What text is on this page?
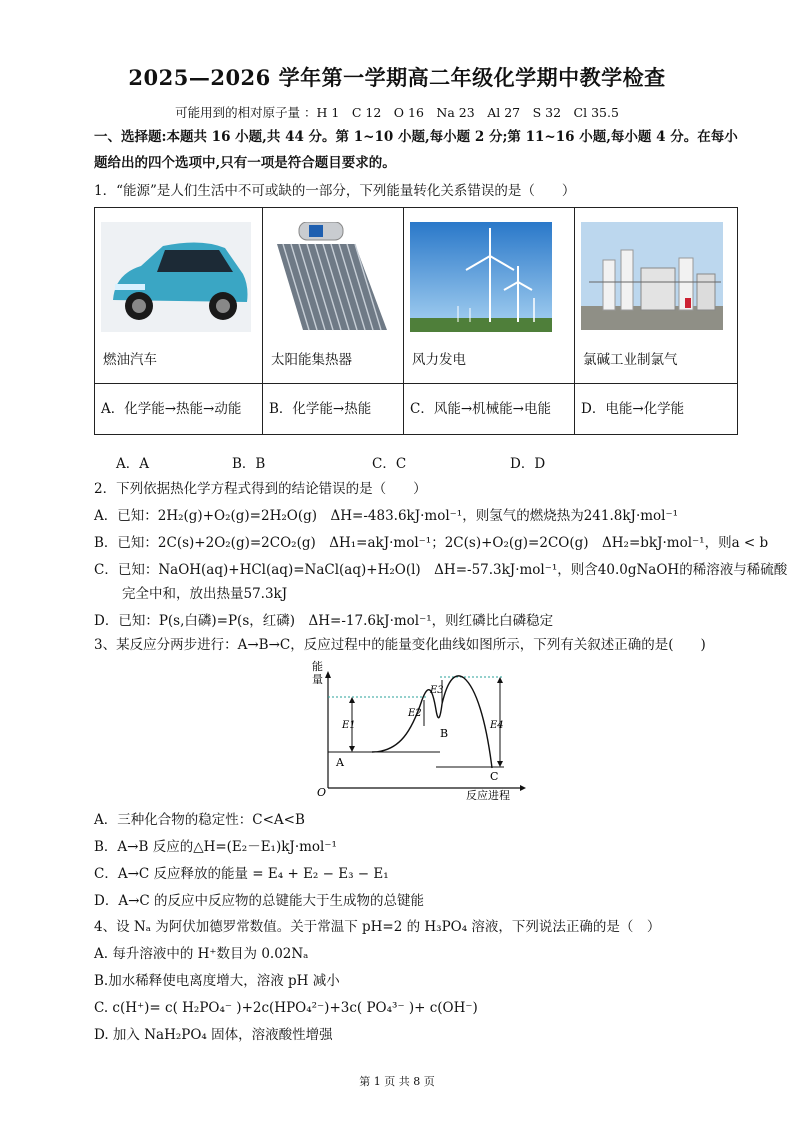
2025—2026 学年第一学期高二年级化学期中教学检查
可能用到的相对原子量 ：H 1　C 12　O 16　Na 23　Al 27　S 32　Cl 35.5
一、选择题:本题共 16 小题,共 44 分。第 1~10 小题,每小题 2 分;第 11~16 小题,每小题 4 分。在每小
题给出的四个选项中,只有一项是符合题目要求的。
1．“能源”是人们生活中不可或缺的一部分，下列能量转化关系错误的是（　　）
燃油汽车	太阳能集热器	风力发电	氯碱工业制氯气

A．化学能→热能→动能	B．化学能→热能	C．风能→机械能→电能	D．电能→化学能
A．A	B．B	C．C	D．D
2．下列依据热化学方程式得到的结论错误的是（　　）
A．已知：2H₂(g)+O₂(g)=2H₂O(g)　ΔH=-483.6kJ·mol⁻¹，则氢气的燃烧热为241.8kJ·mol⁻¹
B．已知：2C(s)+2O₂(g)=2CO₂(g)　ΔH₁=akJ·mol⁻¹；2C(s)+O₂(g)=2CO(g)　ΔH₂=bkJ·mol⁻¹，则a < b
C．已知：NaOH(aq)+HCl(aq)=NaCl(aq)+H₂O(l)　ΔH=-57.3kJ·mol⁻¹，则含40.0gNaOH的稀溶液与稀硫酸
完全中和，放出热量57.3kJ
D．已知：P(s,白磷)=P(s，红磷)　ΔH=-17.6kJ·mol⁻¹，则红磷比白磷稳定
3、某反应分两步进行：A→B→C，反应过程中的能量变化曲线如图所示，下列有关叙述正确的是(　　)
能
量
O	反应进程
A
B
C
E1
E2
E3
E4
A．三种化合物的稳定性：C<A<B
B．A→B 反应的△H=(E₂－E₁)kJ·mol⁻¹
C．A→C 反应释放的能量 = E₄ + E₂ − E₃ − E₁
D．A→C 的反应中反应物的总键能大于生成物的总键能
4、设 Nₐ 为阿伏加德罗常数值。关于常温下 pH=2 的 H₃PO₄ 溶液，下列说法正确的是（　）
A. 每升溶液中的 H⁺数目为 0.02Nₐ
B.加水稀释使电离度增大，溶液 pH 减小
C. c(H⁺)= c( H₂PO₄⁻ )+2c(HPO₄²⁻)+3c( PO₄³⁻ )+ c(OH⁻)
D. 加入 NaH₂PO₄ 固体，溶液酸性增强
第 1 页 共 8 页
